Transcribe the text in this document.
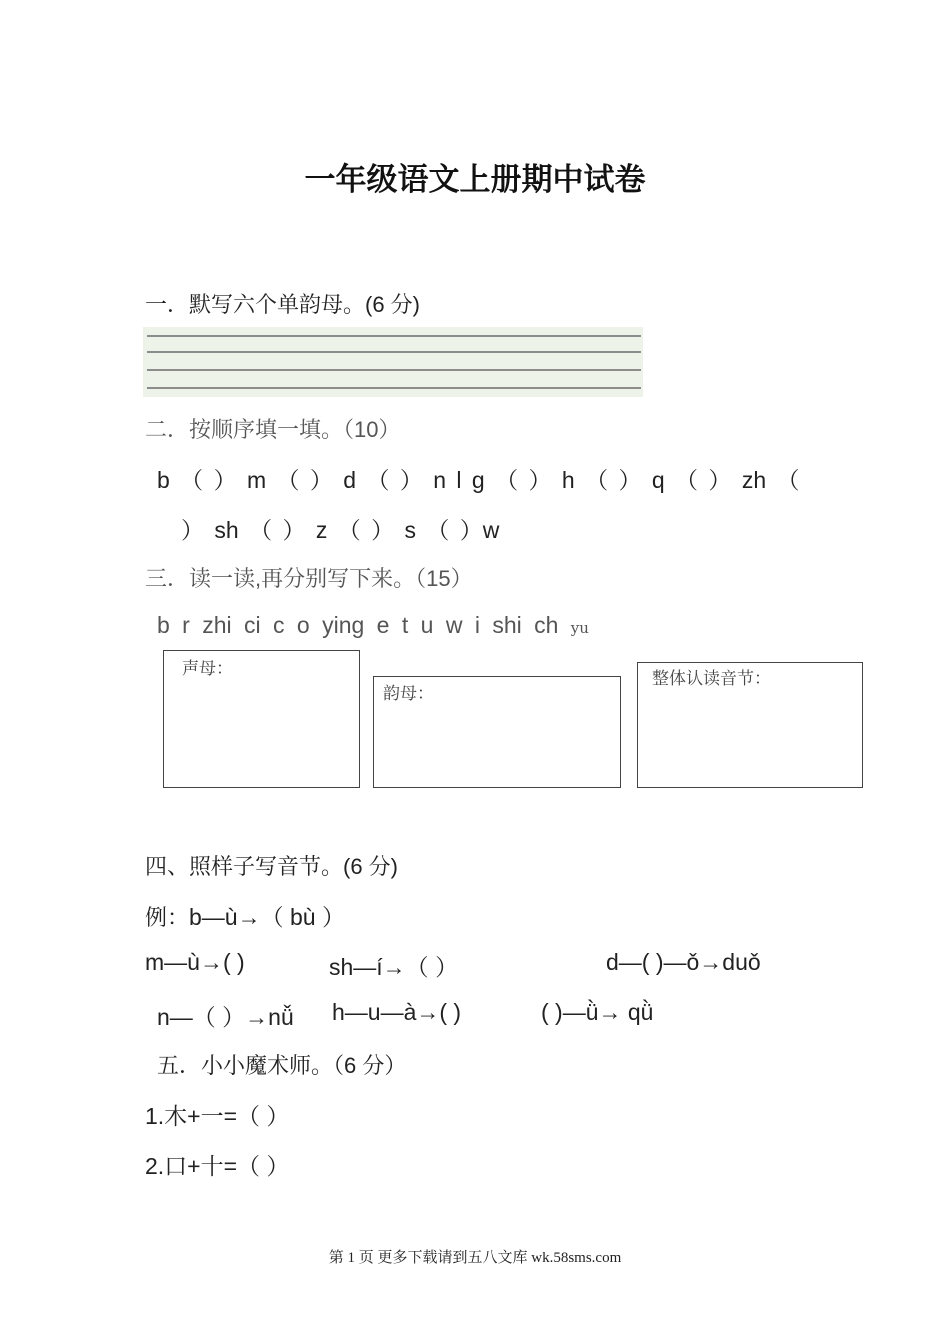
一年级语文上册期中试卷
一．默写六个单韵母。(6 分)
二．按顺序填一填。（10）
b （ ） m （ ） d （ ） n l g （ ） h （ ） q （ ） zh （
） sh （ ） z （ ） s （ ）w
三．读一读,再分别写下来。（15）
b r zhi ci c o ying e t u w i shi ch yu
声母：
韵母：
整体认读音节：
四、照样子写音节。(6 分)
例：b—ù→（ bù ）
m—ù→( )	sh—í→（ ）	d—( )—ǒ→duǒ
n—（ ）→nǚ h—u—à→( )	( )—ǜ→ qǜ
五．小小魔术师。（6 分）
1.木+一=（ ）
2.口+十=（ ）
第 1 页 更多下载请到五八文库 wk.58sms.com
